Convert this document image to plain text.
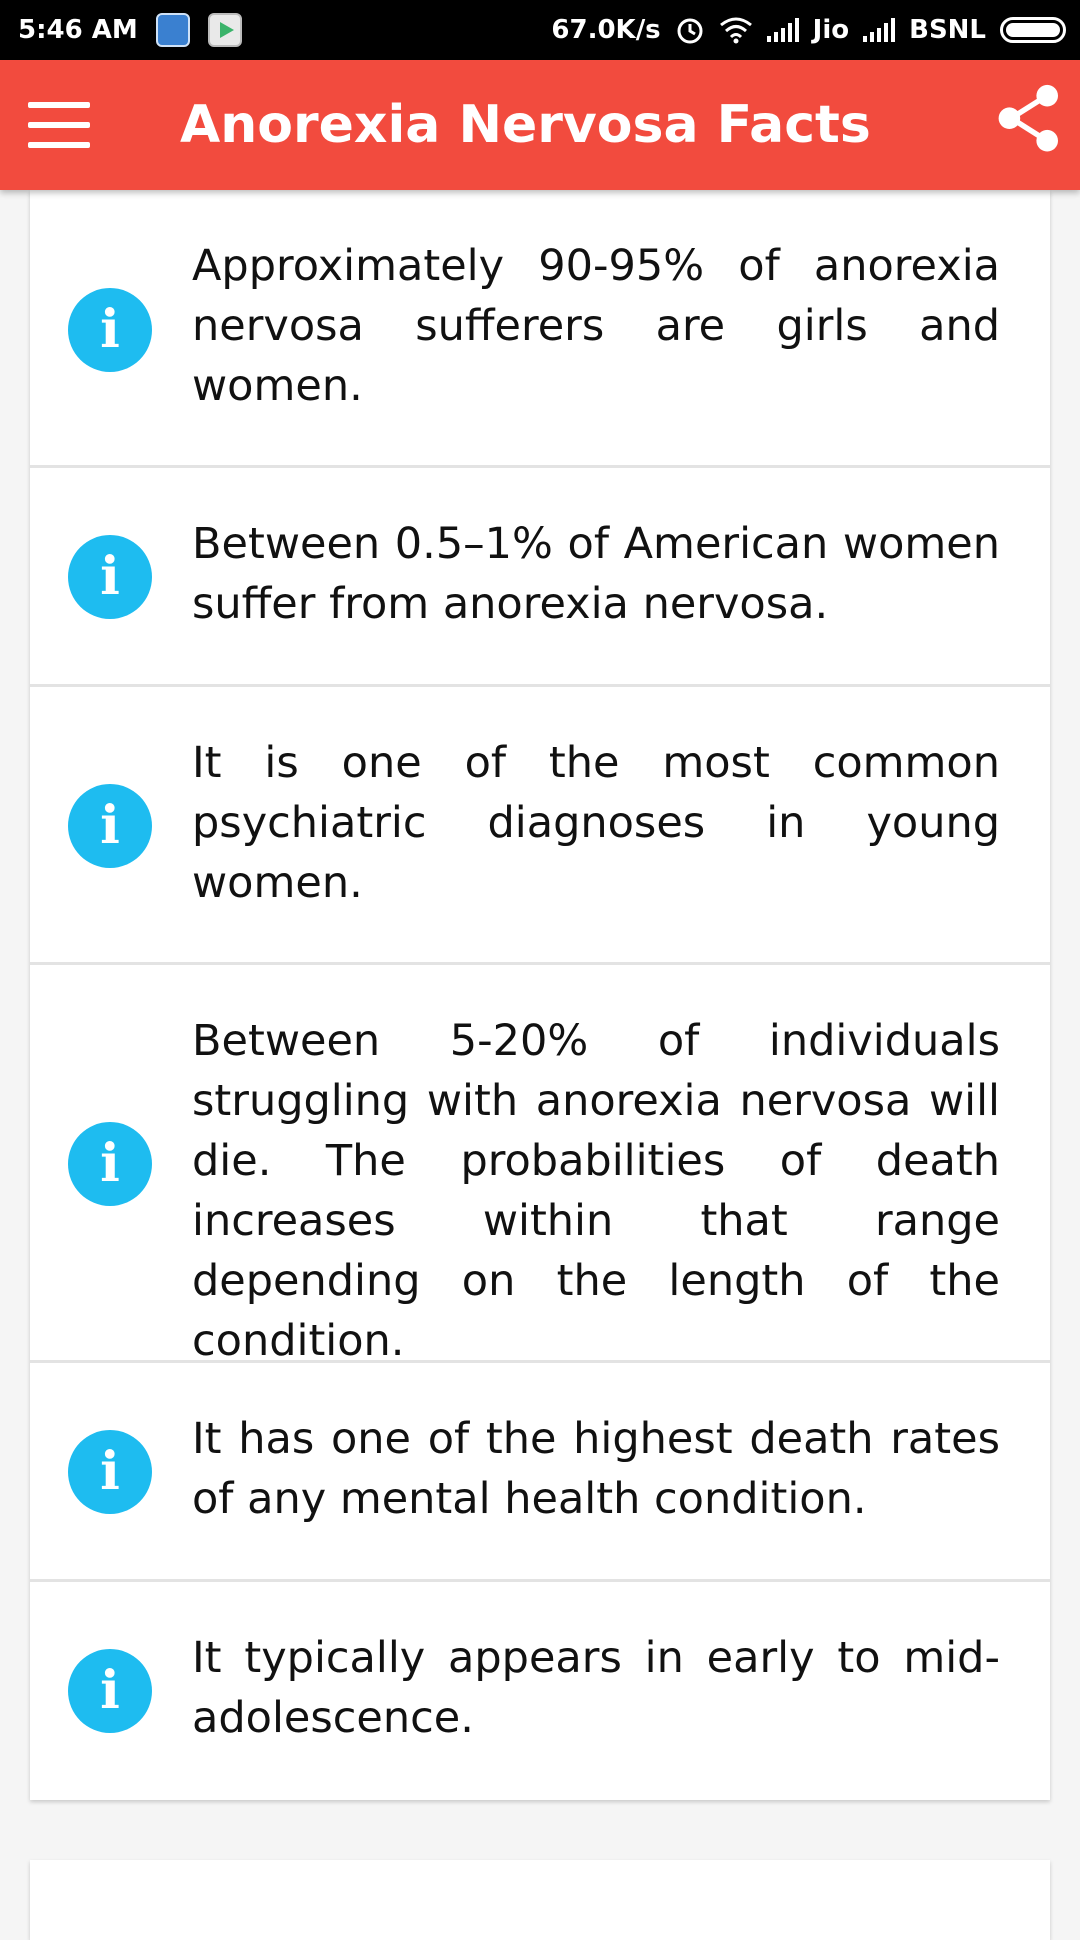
5:46 AM	67.0K/s	Jio BSNL
Anorexia Nervosa Facts
i
Approximately 90-95% of anorexia nervosa sufferers are girls and women.
i
Between 0.5–1% of American women suffer from anorexia nervosa.
i
It is one of the most common psychiatric diagnoses in young women.
i
Between 5-20% of individuals struggling with anorexia nervosa will die. The probabilities of death increases within that range depending on the length of the condition.
i
It has one of the highest death rates of any mental health condition.
i
It typically appears in early to mid-adolescence.
